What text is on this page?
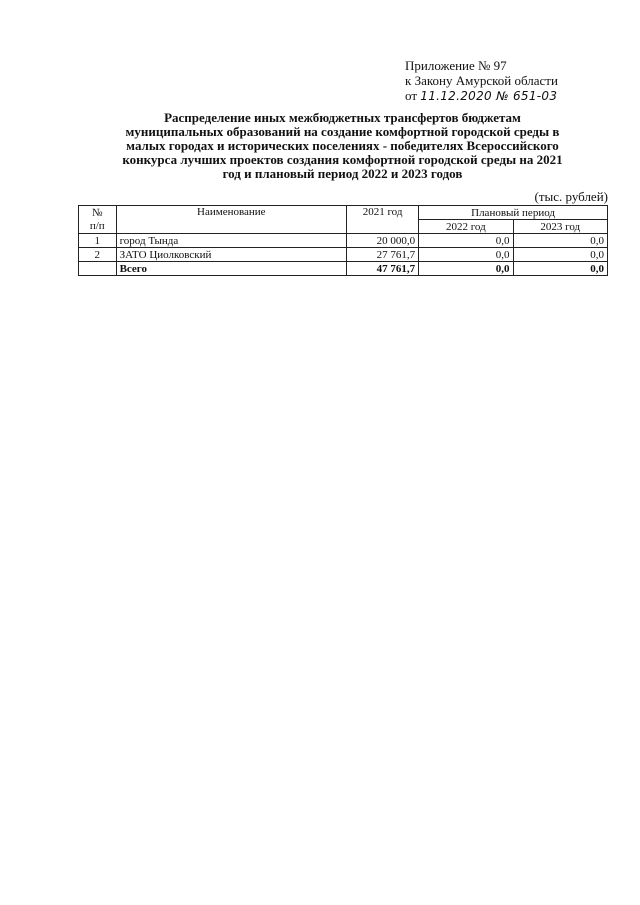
Приложение № 97
к Закону Амурской области
от 11.12.2020 № 651-03
Распределение иных межбюджетных трансфертов бюджетам
муниципальных образований на создание комфортной городской среды в
малых городах и исторических поселениях - победителях Всероссийского
конкурса лучших проектов создания комфортной городской среды на 2021
год и плановый период 2022 и 2023 годов
(тыс. рублей)
№	Наименование	2021 год	Плановый период	
п/п			2022 год	2023 год
1	город Тында	20 000,0	0,0	0,0
2	ЗАТО Циолковский	27 761,7	0,0	0,0
	Всего	47 761,7	0,0	0,0
